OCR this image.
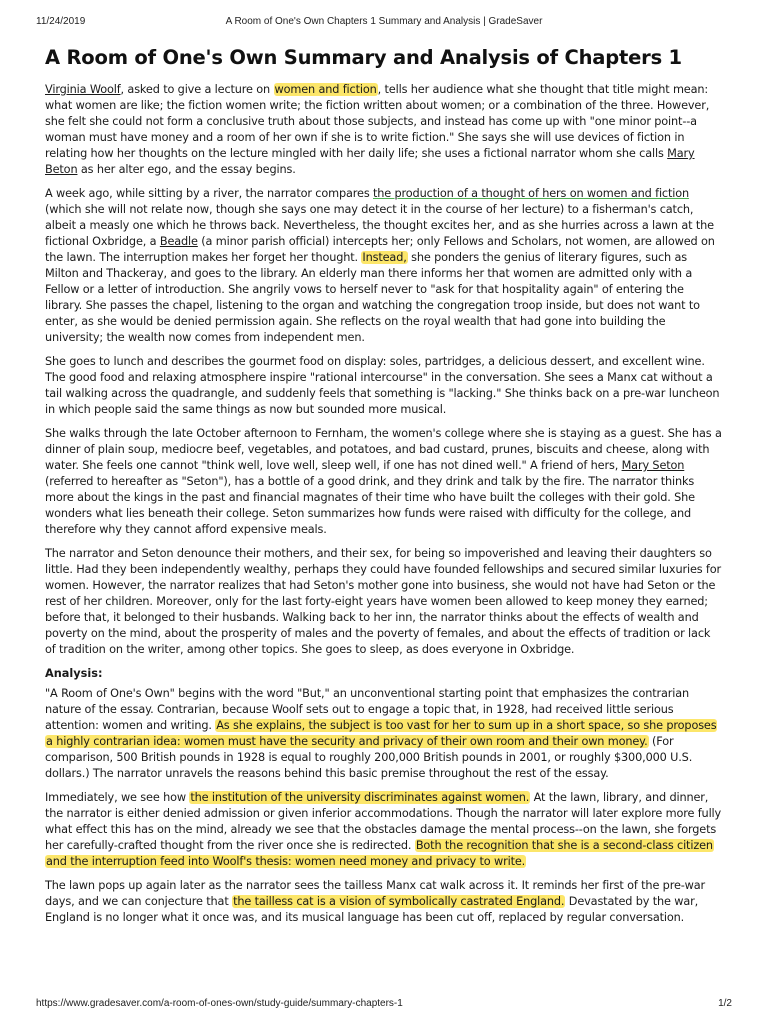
11/24/2019	A Room of One's Own Chapters 1 Summary and Analysis | GradeSaver
A Room of One's Own Summary and Analysis of Chapters 1

Virginia Woolf, asked to give a lecture on women and fiction, tells her audience what she thought that title might mean: what women are like; the fiction women write; the fiction written about women; or a combination of the three. However, she felt she could not form a conclusive truth about those subjects, and instead has come up with "one minor point--a woman must have money and a room of her own if she is to write fiction." She says she will use devices of fiction in relating how her thoughts on the lecture mingled with her daily life; she uses a fictional narrator whom she calls Mary Beton as her alter ego, and the essay begins.

A week ago, while sitting by a river, the narrator compares the production of a thought of hers on women and fiction (which she will not relate now, though she says one may detect it in the course of her lecture) to a fisherman's catch, albeit a measly one which he throws back. Nevertheless, the thought excites her, and as she hurries across a lawn at the fictional Oxbridge, a Beadle (a minor parish official) intercepts her; only Fellows and Scholars, not women, are allowed on the lawn. The interruption makes her forget her thought. Instead, she ponders the genius of literary figures, such as Milton and Thackeray, and goes to the library. An elderly man there informs her that women are admitted only with a Fellow or a letter of introduction. She angrily vows to herself never to "ask for that hospitality again" of entering the library. She passes the chapel, listening to the organ and watching the congregation troop inside, but does not want to enter, as she would be denied permission again. She reflects on the royal wealth that had gone into building the university; the wealth now comes from independent men.

She goes to lunch and describes the gourmet food on display: soles, partridges, a delicious dessert, and excellent wine. The good food and relaxing atmosphere inspire "rational intercourse" in the conversation. She sees a Manx cat without a tail walking across the quadrangle, and suddenly feels that something is "lacking." She thinks back on a pre-war luncheon in which people said the same things as now but sounded more musical.

She walks through the late October afternoon to Fernham, the women's college where she is staying as a guest. She has a dinner of plain soup, mediocre beef, vegetables, and potatoes, and bad custard, prunes, biscuits and cheese, along with water. She feels one cannot "think well, love well, sleep well, if one has not dined well." A friend of hers, Mary Seton (referred to hereafter as "Seton"), has a bottle of a good drink, and they drink and talk by the fire. The narrator thinks more about the kings in the past and financial magnates of their time who have built the colleges with their gold. She wonders what lies beneath their college. Seton summarizes how funds were raised with difficulty for the college, and therefore why they cannot afford expensive meals.

The narrator and Seton denounce their mothers, and their sex, for being so impoverished and leaving their daughters so little. Had they been independently wealthy, perhaps they could have founded fellowships and secured similar luxuries for women. However, the narrator realizes that had Seton's mother gone into business, she would not have had Seton or the rest of her children. Moreover, only for the last forty-eight years have women been allowed to keep money they earned; before that, it belonged to their husbands. Walking back to her inn, the narrator thinks about the effects of wealth and poverty on the mind, about the prosperity of males and the poverty of females, and about the effects of tradition or lack of tradition on the writer, among other topics. She goes to sleep, as does everyone in Oxbridge.

Analysis:

"A Room of One's Own" begins with the word "But," an unconventional starting point that emphasizes the contrarian nature of the essay. Contrarian, because Woolf sets out to engage a topic that, in 1928, had received little serious attention: women and writing. As she explains, the subject is too vast for her to sum up in a short space, so she proposes a highly contrarian idea: women must have the security and privacy of their own room and their own money. (For comparison, 500 British pounds in 1928 is equal to roughly 200,000 British pounds in 2001, or roughly $300,000 U.S. dollars.) The narrator unravels the reasons behind this basic premise throughout the rest of the essay.

Immediately, we see how the institution of the university discriminates against women. At the lawn, library, and dinner, the narrator is either denied admission or given inferior accommodations. Though the narrator will later explore more fully what effect this has on the mind, already we see that the obstacles damage the mental process--on the lawn, she forgets her carefully-crafted thought from the river once she is redirected. Both the recognition that she is a second-class citizen and the interruption feed into Woolf's thesis: women need money and privacy to write.

The lawn pops up again later as the narrator sees the tailless Manx cat walk across it. It reminds her first of the pre-war days, and we can conjecture that the tailless cat is a vision of symbolically castrated England. Devastated by the war, England is no longer what it once was, and its musical language has been cut off, replaced by regular conversation.

https://www.gradesaver.com/a-room-of-ones-own/study-guide/summary-chapters-1	1/2
